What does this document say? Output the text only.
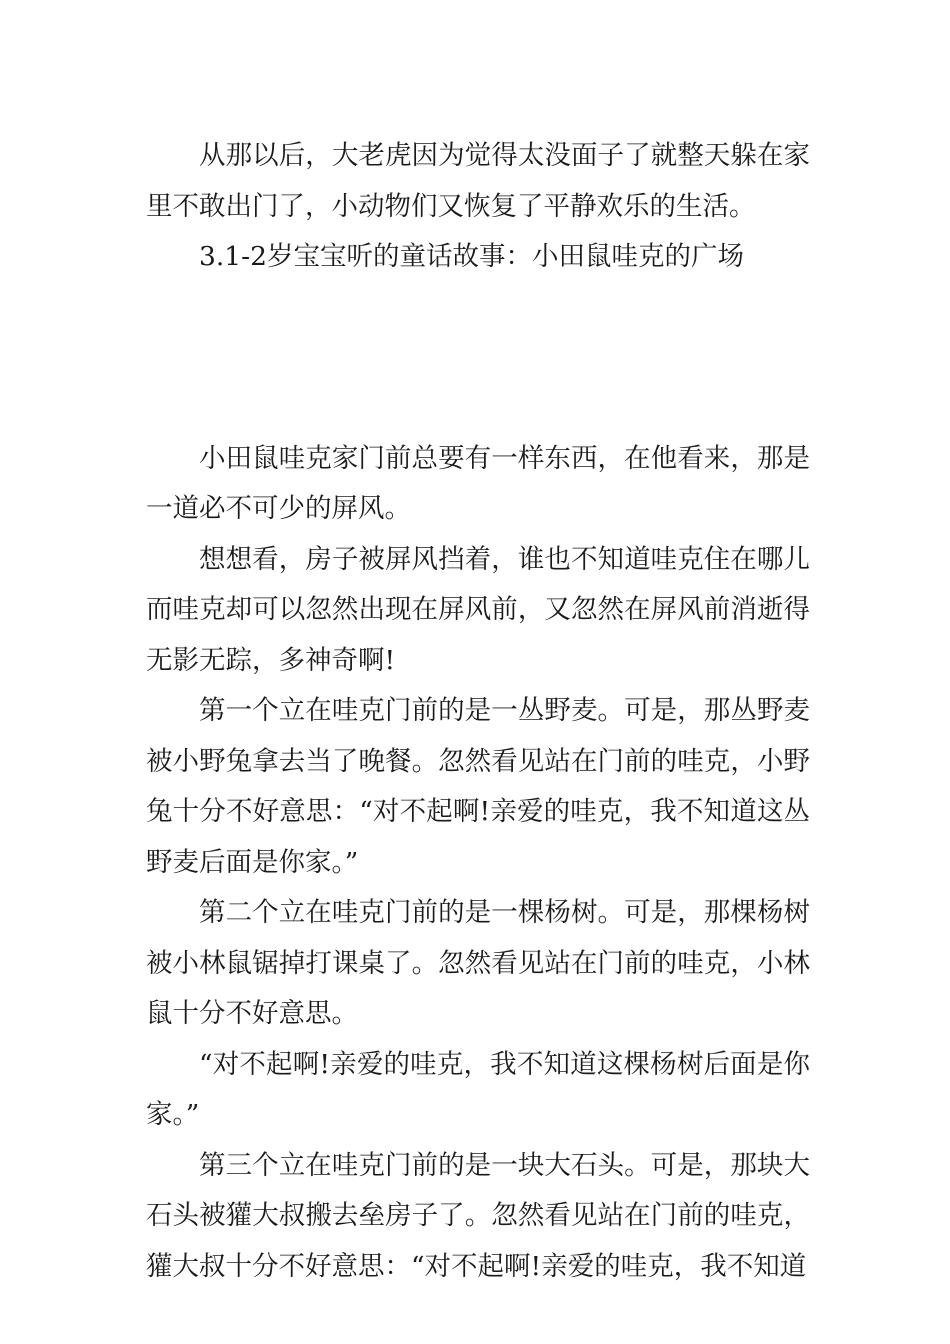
从那以后，大老虎因为觉得太没面子了就整天躲在家里不敢出门了，小动物们又恢复了平静欢乐的生活。

3.1-2岁宝宝听的童话故事：小田鼠哇克的广场

小田鼠哇克家门前总要有一样东西，在他看来，那是一道必不可少的屏风。

想想看，房子被屏风挡着，谁也不知道哇克住在哪儿而哇克却可以忽然出现在屏风前，又忽然在屏风前消逝得无影无踪，多神奇啊!

第一个立在哇克门前的是一丛野麦。可是，那丛野麦被小野兔拿去当了晚餐。忽然看见站在门前的哇克，小野兔十分不好意思：“对不起啊!亲爱的哇克，我不知道这丛野麦后面是你家。”

第二个立在哇克门前的是一棵杨树。可是，那棵杨树被小林鼠锯掉打课桌了。忽然看见站在门前的哇克，小林鼠十分不好意思。

“对不起啊!亲爱的哇克，我不知道这棵杨树后面是你家。”

第三个立在哇克门前的是一块大石头。可是，那块大石头被獾大叔搬去垒房子了。忽然看见站在门前的哇克，獾大叔十分不好意思：“对不起啊!亲爱的哇克，我不知道
